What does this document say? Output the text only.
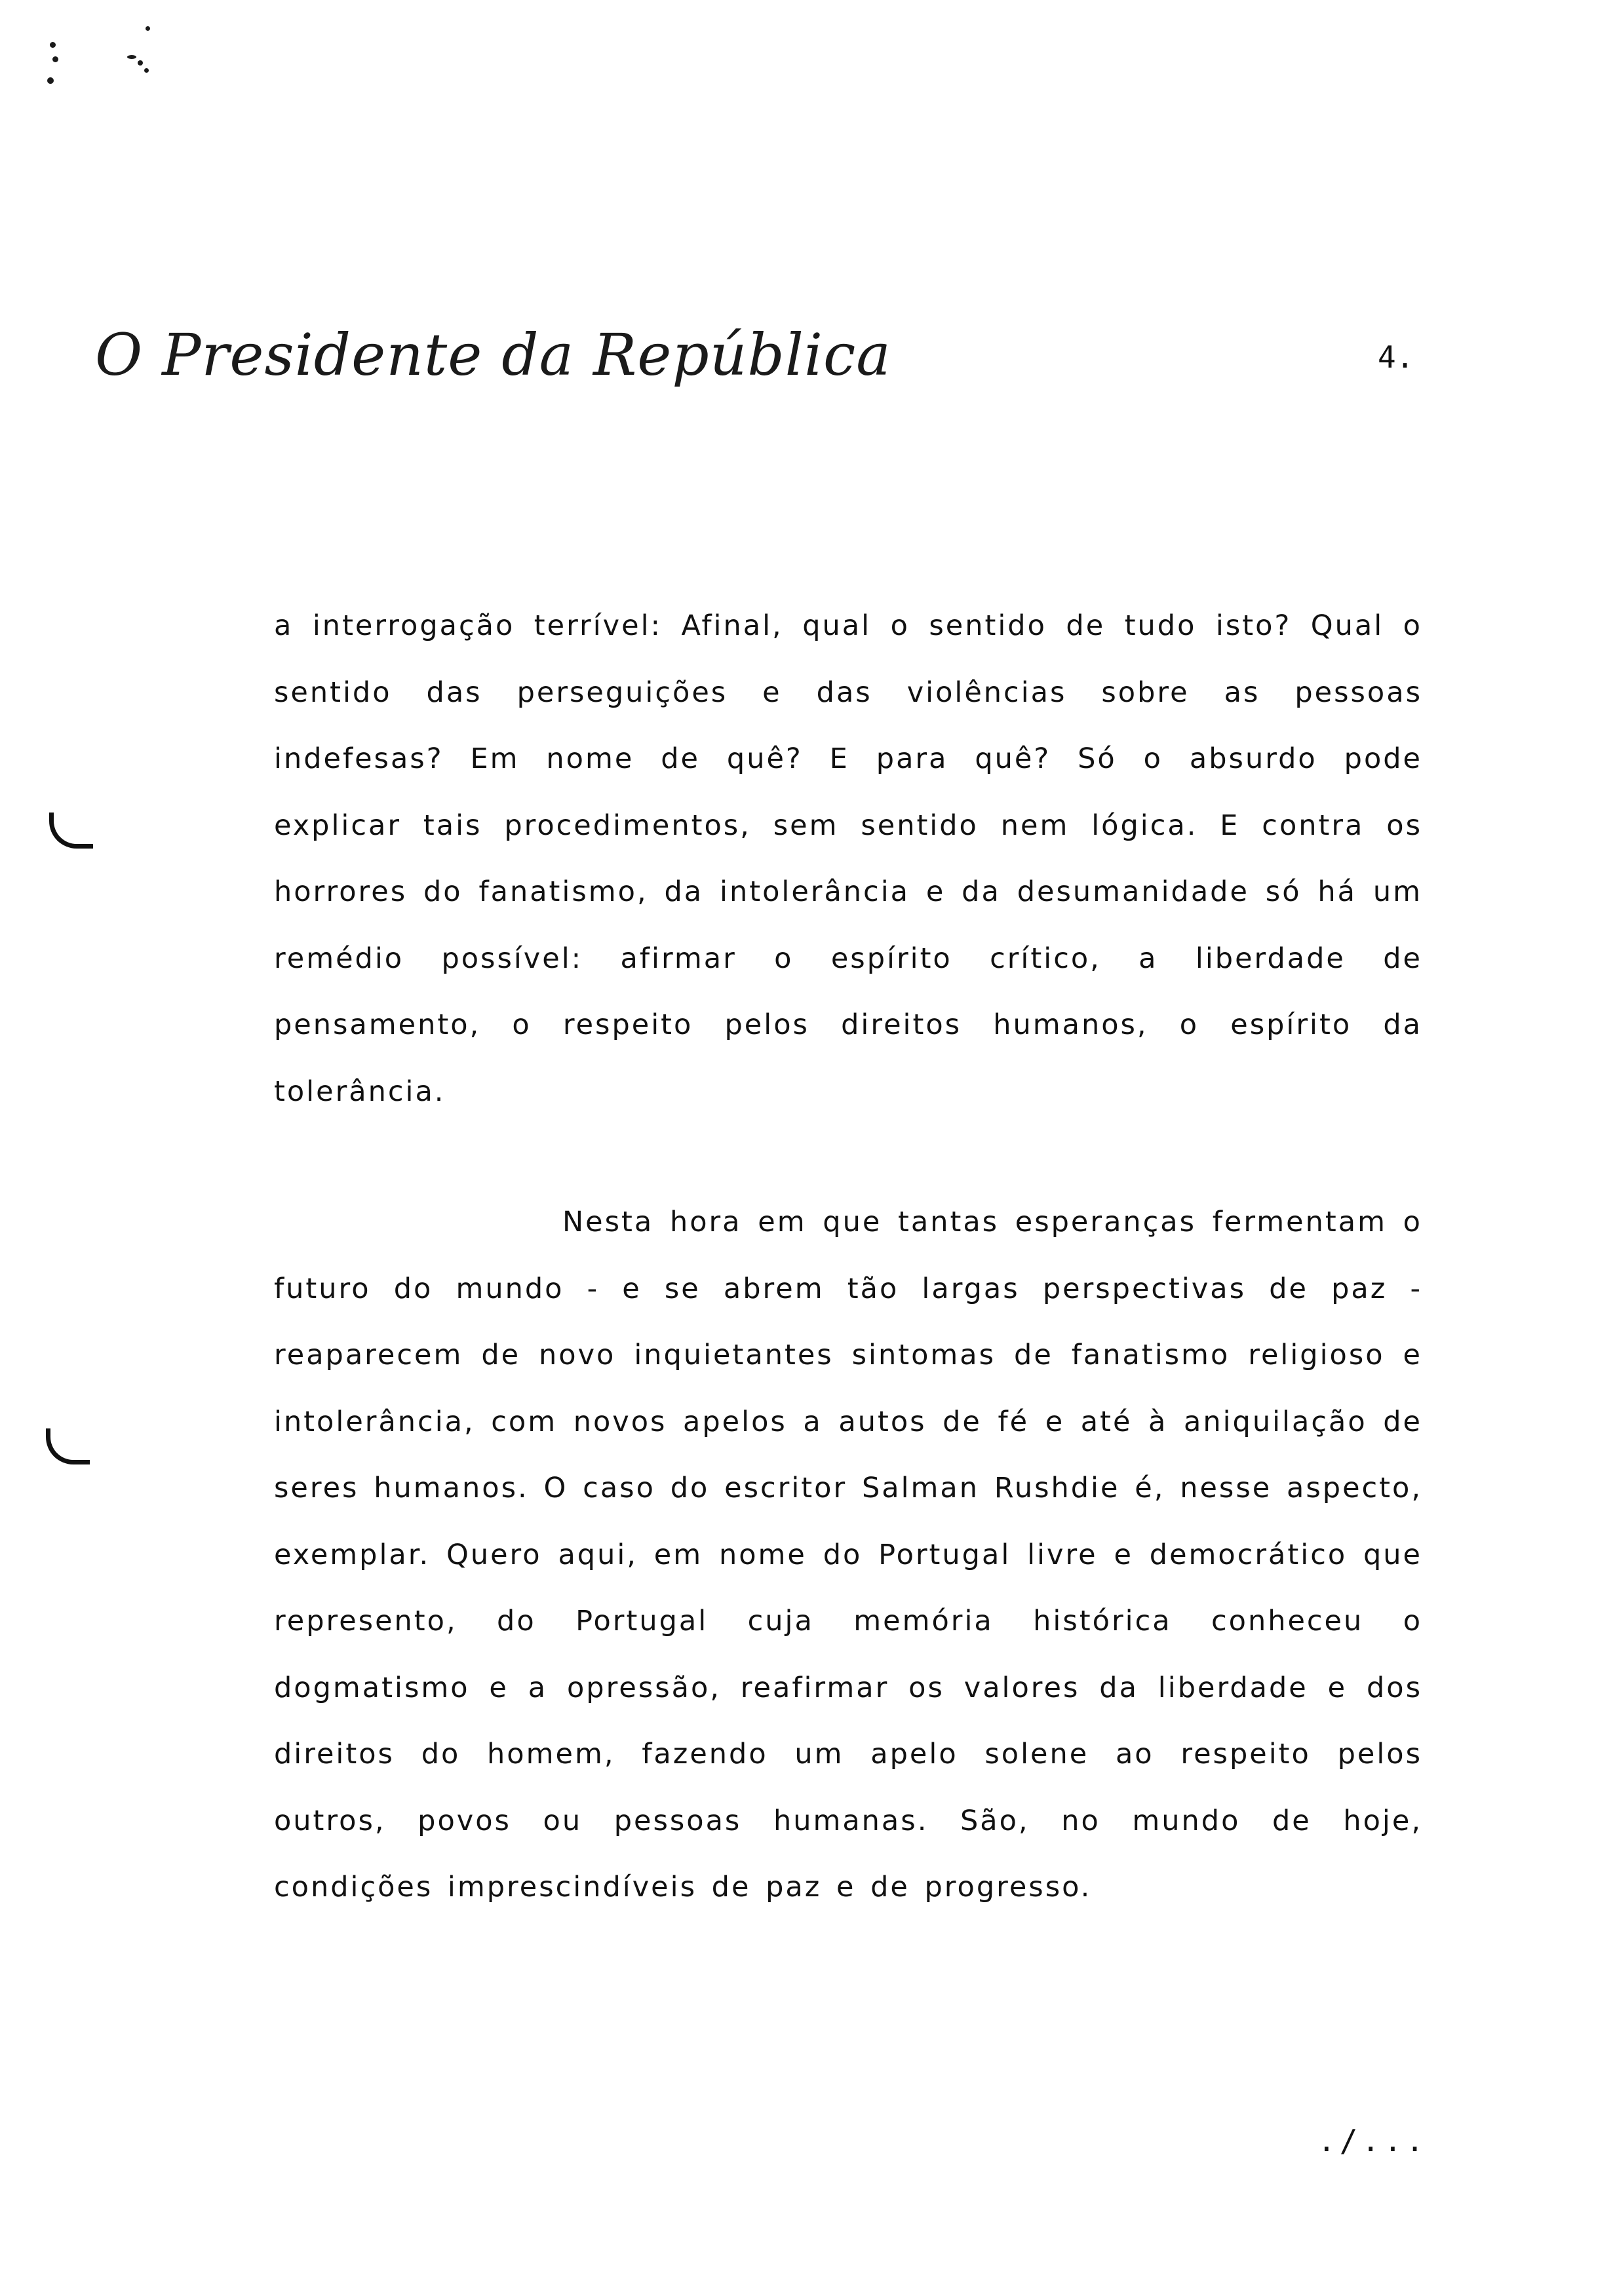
O Presidente da República	4.

a interrogação terrível: Afinal, qual o sentido de tudo isto? Qual o sentido das perseguições e das violências sobre as pessoas indefesas? Em nome de quê? E para quê? Só o absurdo pode explicar tais procedimentos, sem sentido nem lógica. E contra os horrores do fanatismo, da intolerância e da desumanidade só há um remédio possível: afirmar o espírito crítico, a liberdade de pensamento, o respeito pelos direitos humanos, o espírito da tolerância.

Nesta hora em que tantas esperanças fermentam o futuro do mundo - e se abrem tão largas perspectivas de paz - reaparecem de novo inquietantes sintomas de fanatismo religioso e intolerância, com novos apelos a autos de fé e até à aniquilação de seres humanos. O caso do escritor Salman Rushdie é, nesse aspecto, exemplar. Quero aqui, em nome do Portugal livre e democrático que represento, do Portugal cuja memória histórica conheceu o dogmatismo e a opressão, reafirmar os valores da liberdade e dos direitos do homem, fazendo um apelo solene ao respeito pelos outros, povos ou pessoas humanas. São, no mundo de hoje, condições imprescindíveis de paz e de progresso.

./...
